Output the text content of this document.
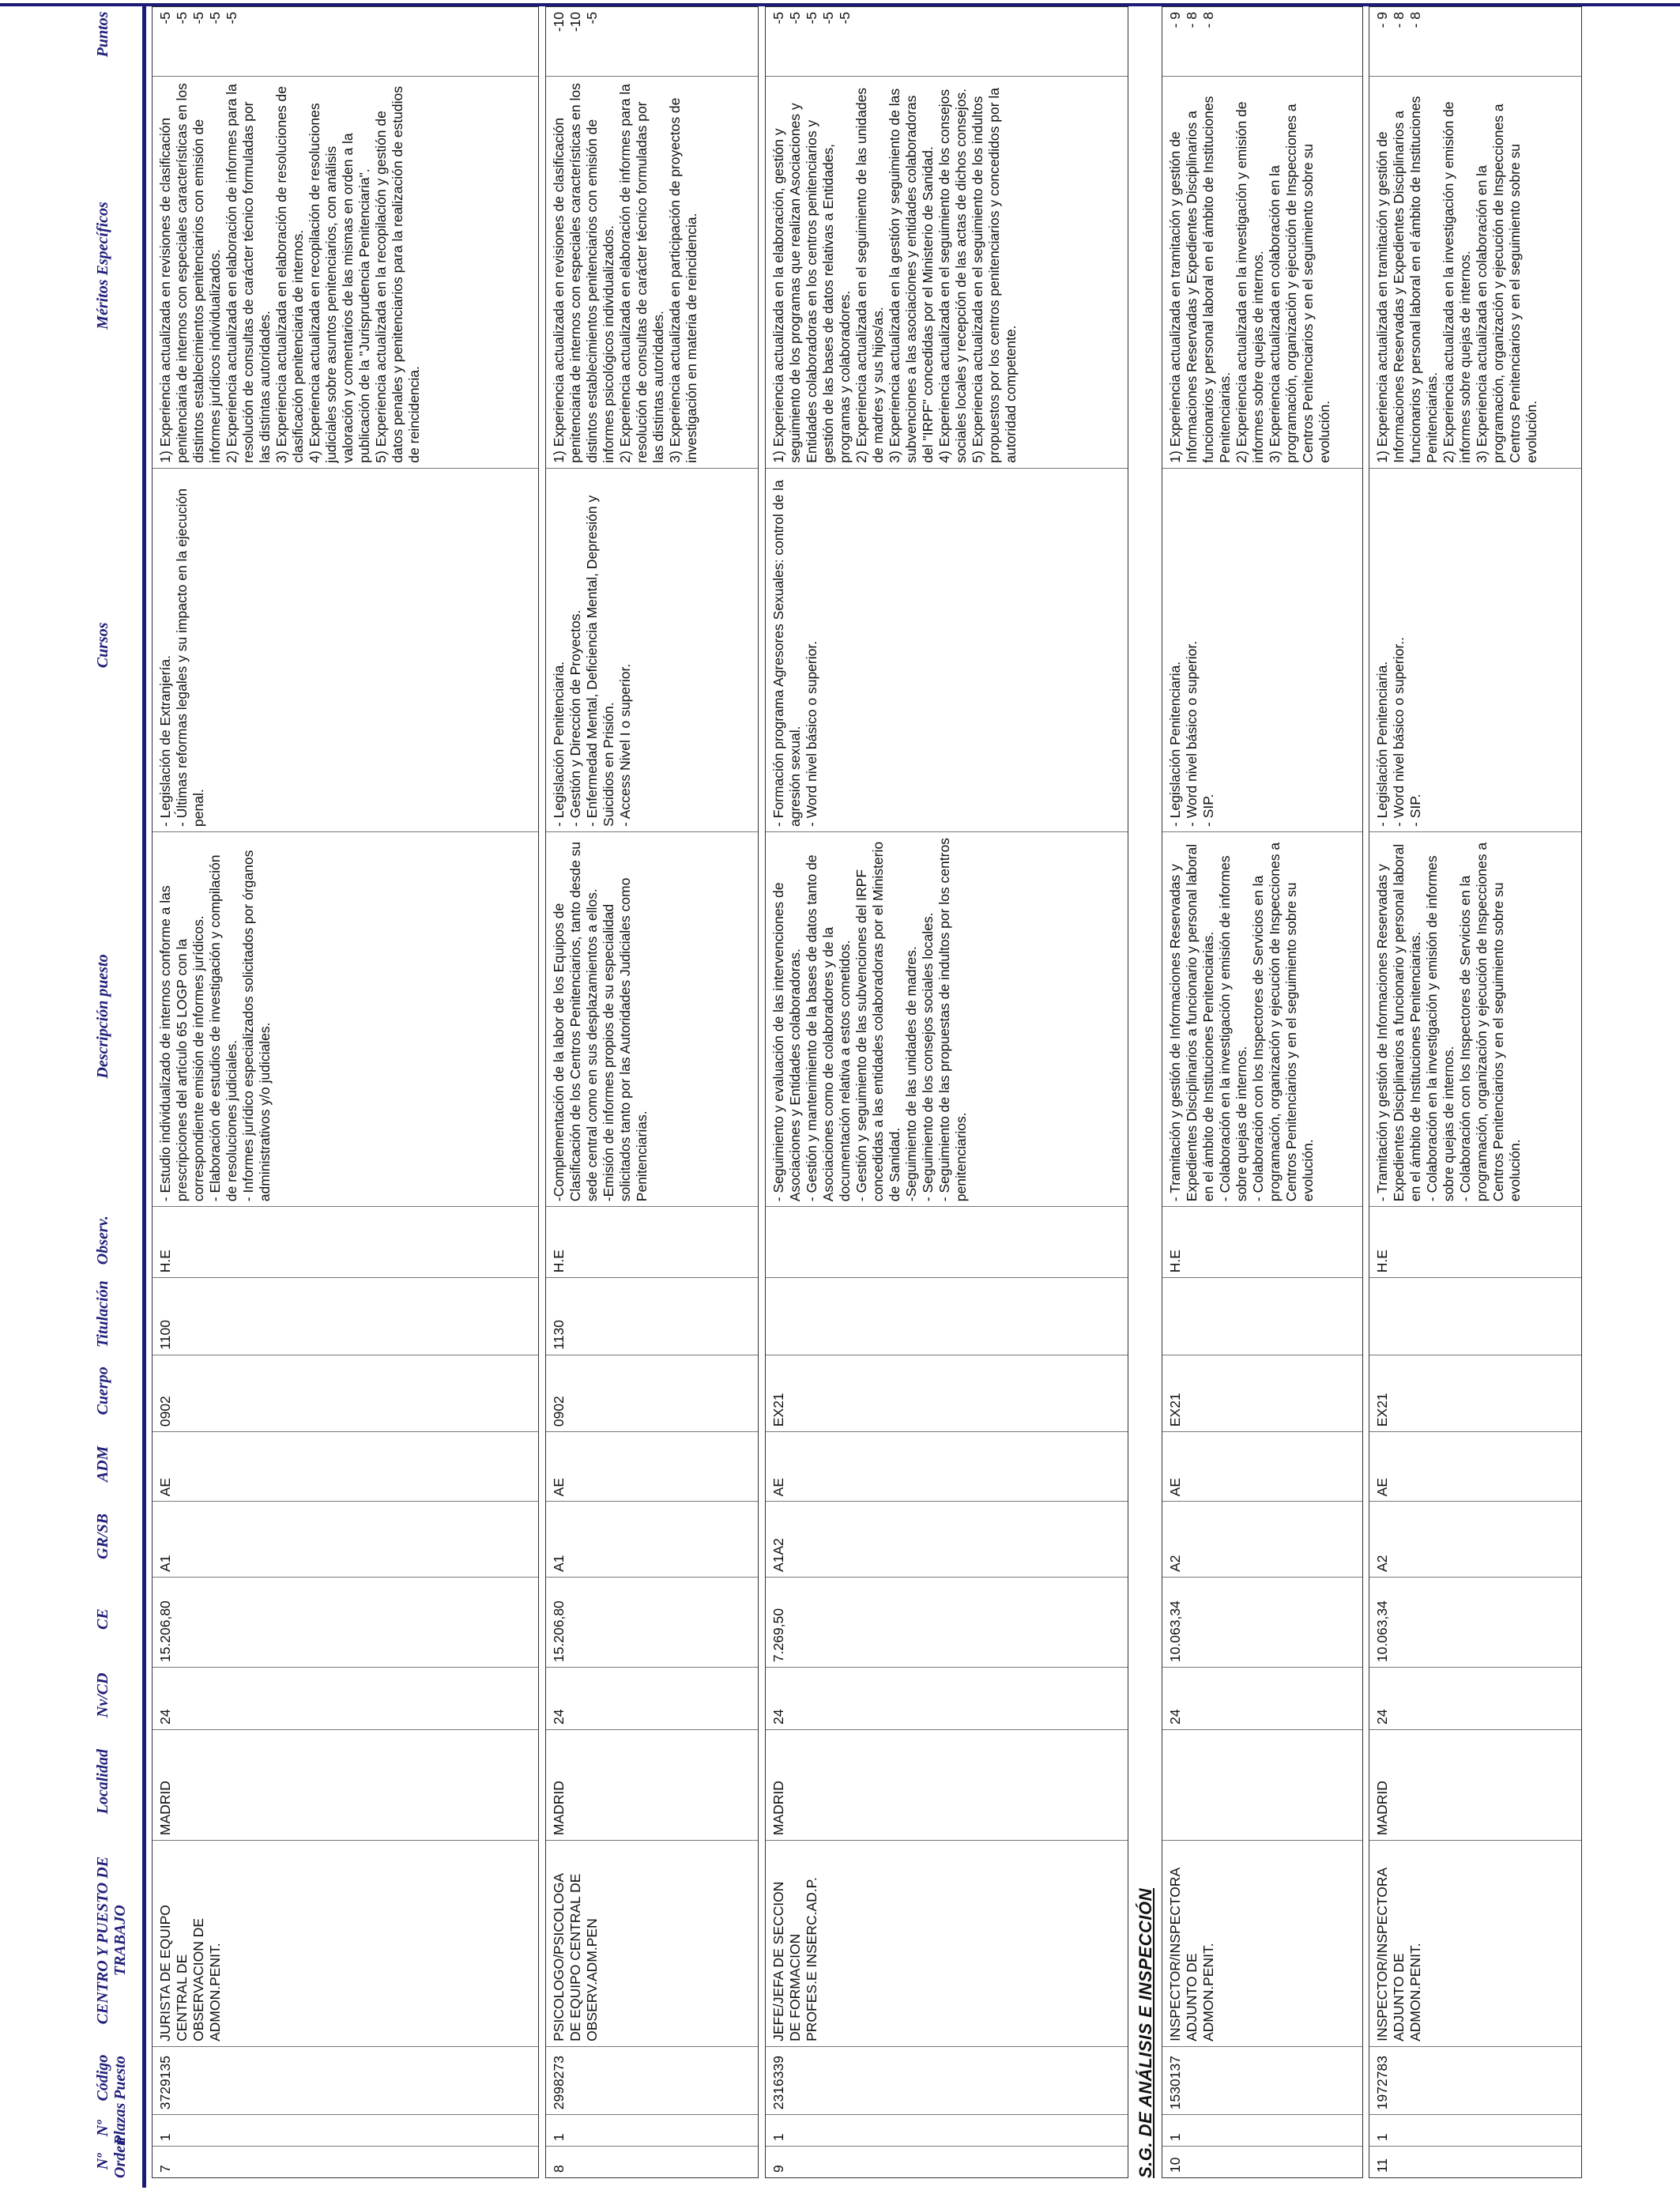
Nº Orden
Nº Plazas
Código Puesto
CENTRO Y PUESTO DE TRABAJO
Localidad
Nv/CD
CE
GR/SB
ADM
Cuerpo
Titulación
Observ.
Descripción puesto
Cursos
Méritos Específicos
Puntos
7
1
3729135
JURISTA DE EQUIPO
CENTRAL DE
OBSERVACION DE
ADMON.PENIT.
MADRID
24
15.206,80
A1
AE
0902
1100
H.E
- Estudio individualizado de internos conforme a las prescripciones del artículo 65 LOGP con la correspondiente emisión de informes jurídicos.
- Elaboración de estudios de investigación y compilación de resoluciones judiciales.
- Informes jurídico especializados solicitados por órganos administrativos y/o judiciales.
- Legislación de Extranjería.
- Últimas reformas legales y su impacto en la ejecución penal.
1) Experiencia actualizada en revisiones de clasificación penitenciaria de internos con especiales características en los distintos establecimientos penitenciarios con emisión de informes jurídicos individualizados.
2) Experiencia actualizada en elaboración de informes para la resolución de consultas de carácter técnico formuladas por las distintas autoridades.
3) Experiencia actualizada en elaboración de resoluciones de clasificación penitenciaria de internos.
4) Experiencia actualizada en recopilación de resoluciones judiciales sobre asuntos penitenciarios, con análisis valoración y comentarios de las mismas en orden a la publicación de la "Jurisprudencia Penitenciaria".
5) Experiencia actualizada en la recopilación y gestión de datos penales y penitenciarios para la realización de estudios de reincidencia.
-5
-5
-5
-5
-5
8
1
2998273
PSICOLOGO/PSICOLOGA
DE EQUIPO CENTRAL DE
OBSERV.ADM.PEN
MADRID
24
15.206,80
A1
AE
0902
1130
H.E
-Complementación de la labor de los Equipos de Clasificación de los Centros Penitenciarios, tanto desde su sede central como en sus desplazamientos a ellos.
-Emisión de informes propios de su especialidad solicitados tanto por las Autoridades Judiciales como Penitenciarias.
- Legislación Penitenciaria.
- Gestión y Dirección de Proyectos.
- Enfermedad Mental, Deficiencia Mental, Depresión y Suicidios en Prisión.
- Access Nivel I o superior.
1) Experiencia actualizada en revisiones de clasificación penitenciaria de internos con especiales características en los distintos establecimientos penitenciarios con emisión de informes psicológicos individualizados.
2) Experiencia actualizada en elaboración de informes para la resolución de consultas de carácter técnico formuladas por las distintas autoridades.
3) Experiencia actualizada en participación de proyectos de investigación en materia de reincidencia.
-10
-10
-5
9
1
2316339
JEFE/JEFA DE SECCION
DE FORMACION
PROFES.E INSERC.AD.P.
MADRID
24
7.269,50
A1A2
AE
EX21
- Seguimiento y evaluación de las intervenciones de Asociaciones y Entidades colaboradoras.
- Gestión y mantenimiento de la bases de datos tanto de Asociaciones como de colaboradores y de la documentación relativa a estos cometidos.
- Gestión y seguimiento de las subvenciones del IRPF concedidas a las entidades colaboradoras por el Ministerio de Sanidad.
-Seguimiento de las unidades de madres.
- Seguimiento de los consejos sociales locales.
- Seguimiento de las propuestas de indultos por los centros penitenciarios.
- Formación programa Agresores Sexuales: control de la agresión sexual.
- Word nivel básico o superior.
1) Experiencia actualizada en la elaboración, gestión y seguimiento de los programas que realizan Asociaciones y Entidades colaboradoras en los centros penitenciarios y gestión de las bases de datos relativas a Entidades, programas y colaboradores.
2) Experiencia actualizada en el seguimiento de las unidades de madres y sus hijos/as.
3) Experiencia actualizada en la gestión y seguimiento de las subvenciones a las asociaciones y entidades colaboradoras del "IRPF" concedidas por el Ministerio de Sanidad.
4) Experiencia actualizada en el seguimiento de los consejos sociales locales y recepción de las actas de dichos consejos.
5) Experiencia actualizada en el seguimiento de los indultos propuestos por los centros penitenciarios y concedidos por la autoridad competente.
-5
-5
-5
-5
-5
S.G. DE ANÁLISIS E INSPECCIÓN 10
1
1530137
INSPECTOR/INSPECTORA
ADJUNTO DE
ADMON.PENIT.
24
10.063,34
A2
AE
EX21
H.E
- Tramitación y gestión de Informaciones Reservadas y Expedientes Disciplinarios a funcionario y personal laboral en el ámbito de Instituciones Penitenciarias.
- Colaboración en la investigación y emisión de informes sobre quejas de internos.
- Colaboración con los Inspectores de Servicios en la programación, organización y ejecución de Inspecciones a Centros Penitenciarios y en el seguimiento sobre su evolución.
- Legislación Penitenciaria.
- Word nivel básico o superior.
- SIP.
1) Experiencia actualizada en tramitación y gestión de Informaciones Reservadas y Expedientes Disciplinarios a funcionarios y personal laboral en el ámbito de Instituciones Penitenciarias.
2) Experiencia actualizada en la investigación y emisión de informes sobre quejas de internos.
3) Experiencia actualizada en colaboración en la programación, organización y ejecución de Inspecciones a Centros Penitenciarios y en el seguimiento sobre su evolución.
- 9
- 8
- 8
11
1
1972783
INSPECTOR/INSPECTORA
ADJUNTO DE
ADMON.PENIT.
MADRID
24
10.063,34
A2
AE
EX21
H.E
- Tramitación y gestión de Informaciones Reservadas y Expedientes Disciplinarios a funcionario y personal laboral en el ámbito de Instituciones Penitenciarias.
- Colaboración en la investigación y emisión de informes sobre quejas de internos.
- Colaboración con los Inspectores de Servicios en la programación, organización y ejecución de Inspecciones a Centros Penitenciarios y en el seguimiento sobre su evolución.
- Legislación Penitenciaria.
- Word nivel básico o superior..
- SIP.
1) Experiencia actualizada en tramitación y gestión de Informaciones Reservadas y Expedientes Disciplinarios a funcionarios y personal laboral en el ámbito de Instituciones Penitenciarias.
2) Experiencia actualizada en la investigación y emisión de informes sobre quejas de internos.
3) Experiencia actualizada en colaboración en la programación, organización y ejecución de Inspecciones a Centros Penitenciarios y en el seguimiento sobre su evolución.
- 9
- 8
- 8
